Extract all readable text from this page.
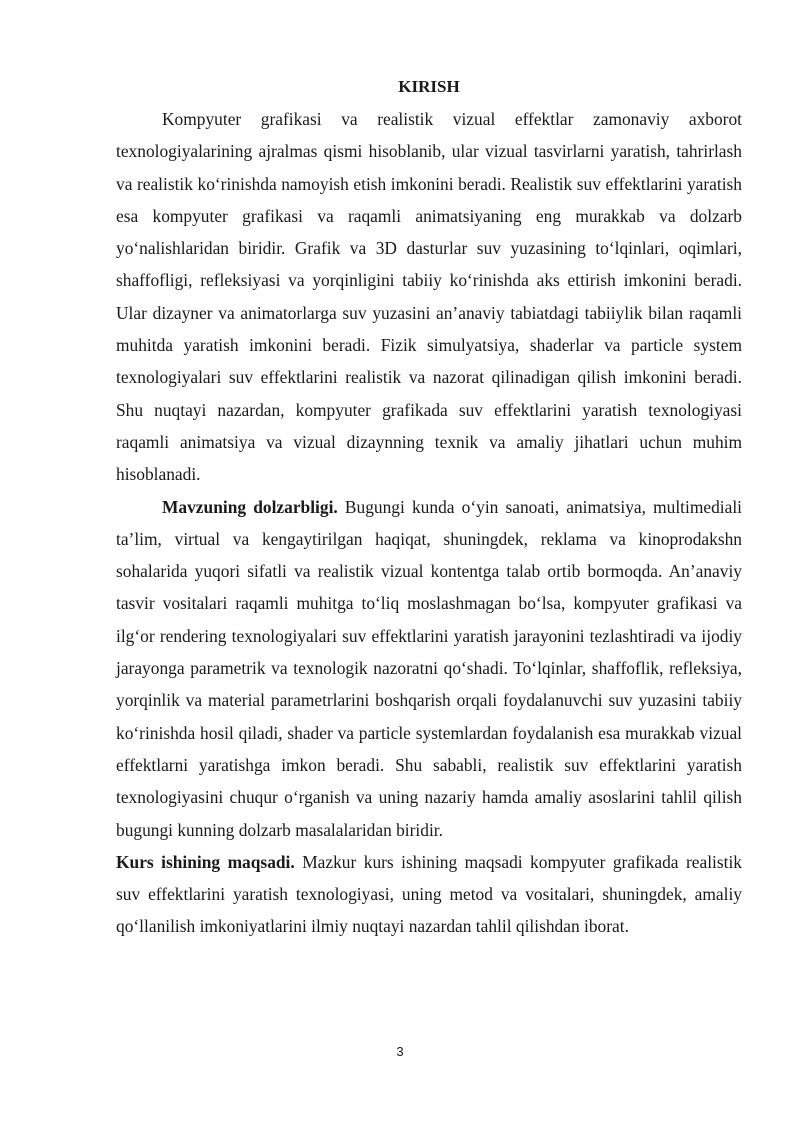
KIRISH

Kompyuter grafikasi va realistik vizual effektlar zamonaviy axborot texnologiyalarining ajralmas qismi hisoblanib, ular vizual tasvirlarni yaratish, tahrirlash va realistik ko‘rinishda namoyish etish imkonini beradi. Realistik suv effektlarini yaratish esa kompyuter grafikasi va raqamli animatsiyaning eng murakkab va dolzarb yo‘nalishlaridan biridir. Grafik va 3D dasturlar suv yuzasining to‘lqinlari, oqimlari, shaffofligi, refleksiyasi va yorqinligini tabiiy ko‘rinishda aks ettirish imkonini beradi. Ular dizayner va animatorlarga suv yuzasini an’anaviy tabiatdagi tabiiylik bilan raqamli muhitda yaratish imkonini beradi. Fizik simulyatsiya, shaderlar va particle system texnologiyalari suv effektlarini realistik va nazorat qilinadigan qilish imkonini beradi. Shu nuqtayi nazardan, kompyuter grafikada suv effektlarini yaratish texnologiyasi raqamli animatsiya va vizual dizaynning texnik va amaliy jihatlari uchun muhim hisoblanadi.

Mavzuning dolzarbligi. Bugungi kunda o‘yin sanoati, animatsiya, multimediali ta’lim, virtual va kengaytirilgan haqiqat, shuningdek, reklama va kinoprodakshn sohalarida yuqori sifatli va realistik vizual kontentga talab ortib bormoqda. An’anaviy tasvir vositalari raqamli muhitga to‘liq moslashmagan bo‘lsa, kompyuter grafikasi va ilg‘or rendering texnologiyalari suv effektlarini yaratish jarayonini tezlashtiradi va ijodiy jarayonga parametrik va texnologik nazoratni qo‘shadi. To‘lqinlar, shaffoflik, refleksiya, yorqinlik va material parametrlarini boshqarish orqali foydalanuvchi suv yuzasini tabiiy ko‘rinishda hosil qiladi, shader va particle systemlardan foydalanish esa murakkab vizual effektlarni yaratishga imkon beradi. Shu sababli, realistik suv effektlarini yaratish texnologiyasini chuqur o‘rganish va uning nazariy hamda amaliy asoslarini tahlil qilish bugungi kunning dolzarb masalalaridan biridir.

Kurs ishining maqsadi. Mazkur kurs ishining maqsadi kompyuter grafikada realistik suv effektlarini yaratish texnologiyasi, uning metod va vositalari, shuningdek, amaliy qo‘llanilish imkoniyatlarini ilmiy nuqtayi nazardan tahlil qilishdan iborat.

3
